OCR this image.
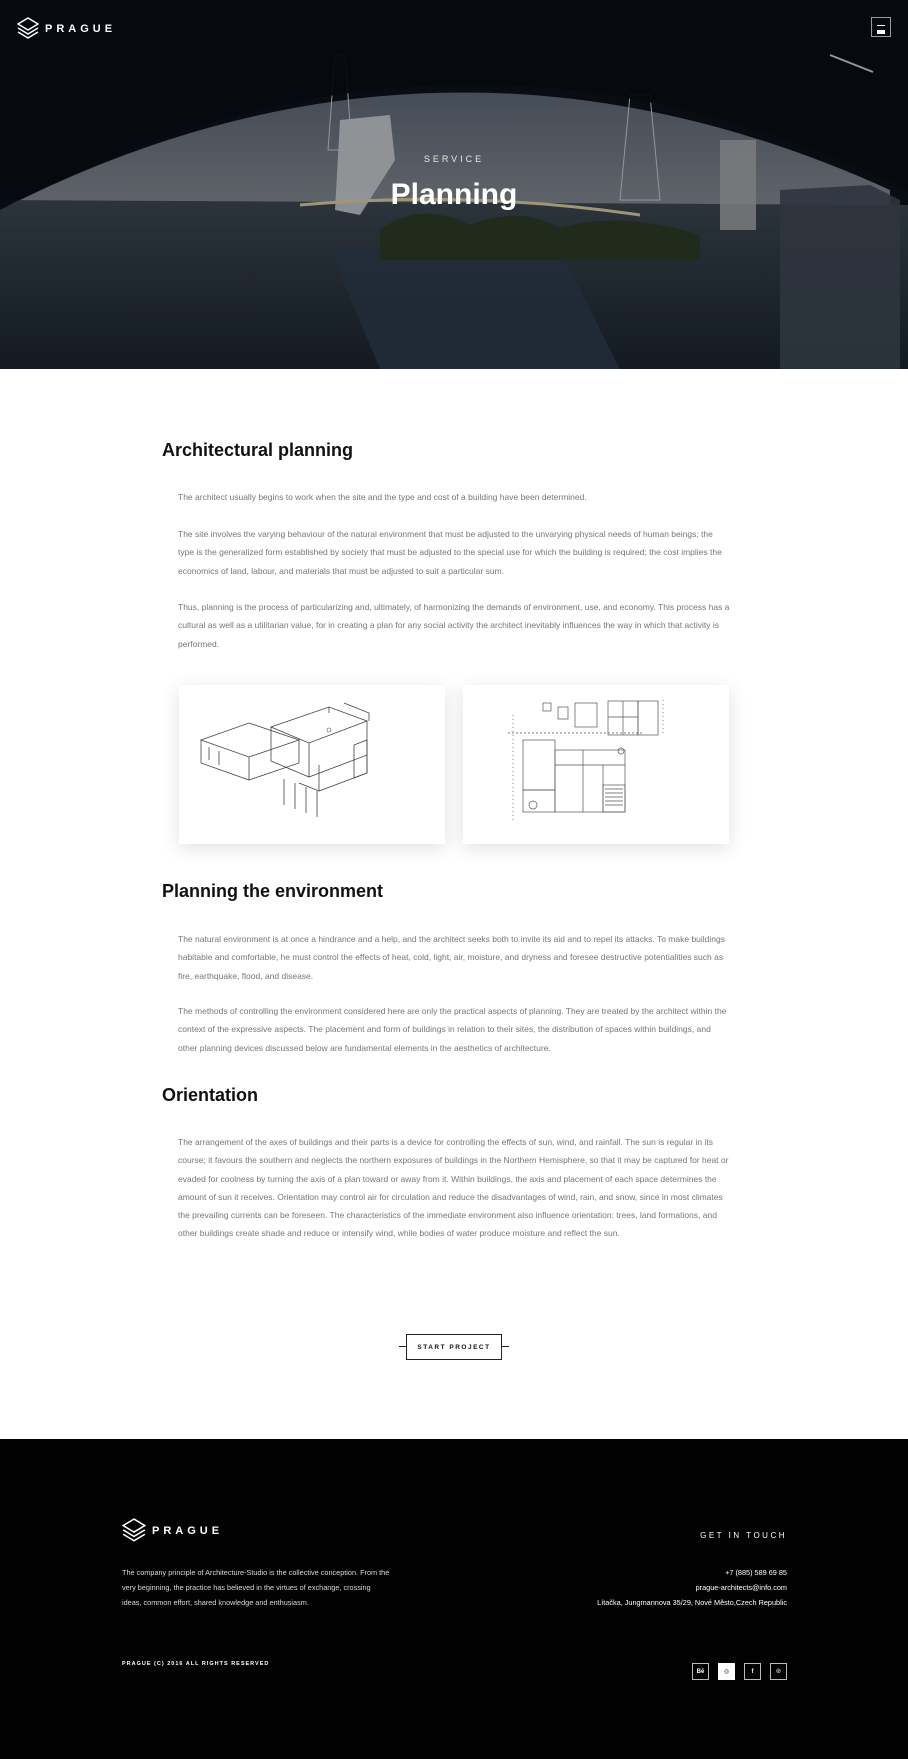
PRAGUE
SERVICE
Planning
Architectural planning
The architect usually begins to work when the site and the type and cost of a building have been determined.
The site involves the varying behaviour of the natural environment that must be adjusted to the unvarying physical needs of human beings; the type is the generalized form established by society that must be adjusted to the special use for which the building is required; the cost implies the economics of land, labour, and materials that must be adjusted to suit a particular sum.
Thus, planning is the process of particularizing and, ultimately, of harmonizing the demands of environment, use, and economy. This process has a cultural as well as a utilitarian value, for in creating a plan for any social activity the architect inevitably influences the way in which that activity is performed.
Planning the environment
The natural environment is at once a hindrance and a help, and the architect seeks both to invite its aid and to repel its attacks. To make buildings habitable and comfortable, he must control the effects of heat, cold, light, air, moisture, and dryness and foresee destructive potentialities such as fire, earthquake, flood, and disease.
The methods of controlling the environment considered here are only the practical aspects of planning. They are treated by the architect within the context of the expressive aspects. The placement and form of buildings in relation to their sites, the distribution of spaces within buildings, and other planning devices discussed below are fundamental elements in the aesthetics of architecture.
Orientation
The arrangement of the axes of buildings and their parts is a device for controlling the effects of sun, wind, and rainfall. The sun is regular in its course; it favours the southern and neglects the northern exposures of buildings in the Northern Hemisphere, so that it may be captured for heat or evaded for coolness by turning the axis of a plan toward or away from it. Within buildings, the axis and placement of each space determines the amount of sun it receives. Orientation may control air for circulation and reduce the disadvantages of wind, rain, and snow, since in most climates the prevailing currents can be foreseen. The characteristics of the immediate environment also influence orientation: trees, land formations, and other buildings create shade and reduce or intensify wind, while bodies of water produce moisture and reflect the sun.
START PROJECT
PRAGUE
The company principle of Architecture-Studio is the collective conception. From the very beginning, the practice has believed in the virtues of exchange, crossing ideas, common effort, shared knowledge and enthusiasm.
GET IN TOUCH
+7 (885) 589 69 85
prague-architects@info.com
Lítačka, Jungmannova 35/29, Nové Město,Czech Republic
PRAGUE (C) 2016 ALL RIGHTS RESERVED
Bē	◎	f	℗
